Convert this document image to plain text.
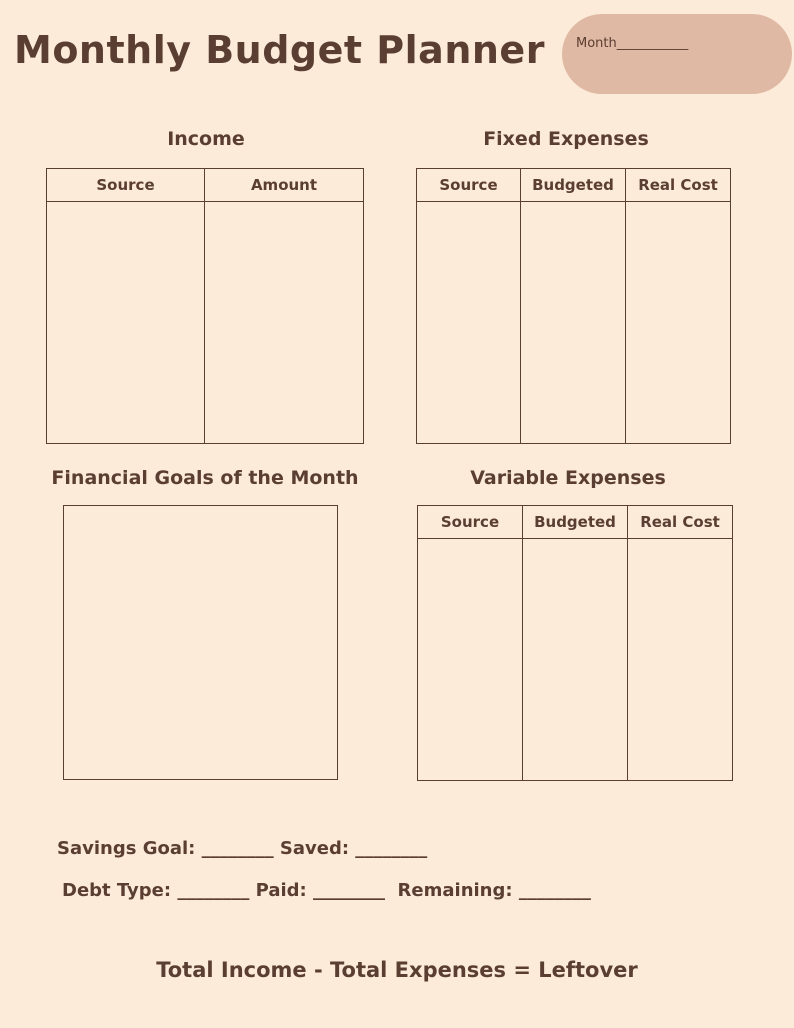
Monthly Budget Planner Month___________
Income
Source	Amount

Fixed Expenses
Source	Budgeted	Real Cost

Financial Goals of the Month	Variable Expenses
Source	Budgeted	Real Cost

Savings Goal: ________ Saved: ________
Debt Type: ________ Paid: ________ Remaining: ________
Total Income - Total Expenses = Leftover
